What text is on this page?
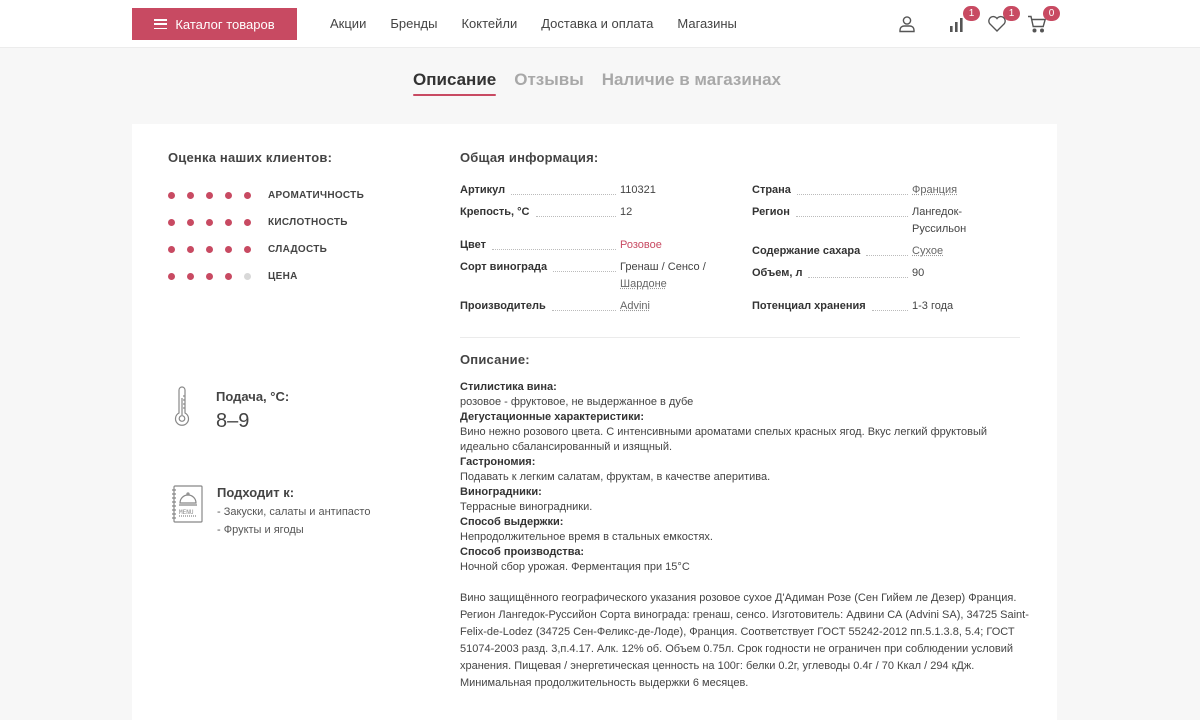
Каталог товаров	Акции Бренды Коктейли Доставка и оплата Магазины
1	1	0
Описание Отзывы Наличие в магазинах
Оценка наших клиентов:
АРОМАТИЧНОСТЬ
КИСЛОТНОСТЬ
СЛАДОСТЬ
ЦЕНА
Подача, °С:
8–9
MENU
Подходит к:
- Закуски, салаты и антипасто
- Фрукты и ягоды
Общая информация:
Артикул	110321
Крепость, °С	12
Цвет	Розовое
Сорт винограда	Гренаш / Сенсо /
Шардоне
Производитель	Advini
Страна	Франция
Регион	Лангедок-
Руссильон
Содержание сахара	Сухое
Объем, л	90
Потенциал хранения	1-3 года
Описание:
Стилистика вина:
розовое - фруктовое, не выдержанное в дубе
Дегустационные характеристики:
Вино нежно розового цвета. С интенсивными ароматами спелых красных ягод. Вкус легкий фруктовый идеально сбалансированный и изящный.
Гастрономия:
Подавать к легким салатам, фруктам, в качестве аперитива.
Виноградники:
Террасные виноградники.
Способ выдержки:
Непродолжительное время в стальных емкостях.
Способ производства:
Ночной сбор урожая. Ферментация при 15°С
Вино защищённого географического указания розовое сухое Д'Адиман Розе (Сен Гийем ле Дезер) Франция. Регион Лангедок-Руссийон Сорта винограда: гренаш, сенсо. Изготовитель: Адвини СА (Advini SA), 34725 Saint-Felix-de-Lodez (34725 Сен-Феликс-де-Лоде), Франция. Соответствует ГОСТ 55242-2012 пп.5.1.3.8, 5.4; ГОСТ 51074-2003 разд. 3,п.4.17. Алк. 12% об. Объем 0.75л. Срок годности не ограничен при соблюдении условий хранения. Пищевая / энергетическая ценность на 100г: белки 0.2г, углеводы 0.4г / 70 Ккал / 294 кДж. Минимальная продолжительность выдержки 6 месяцев.
